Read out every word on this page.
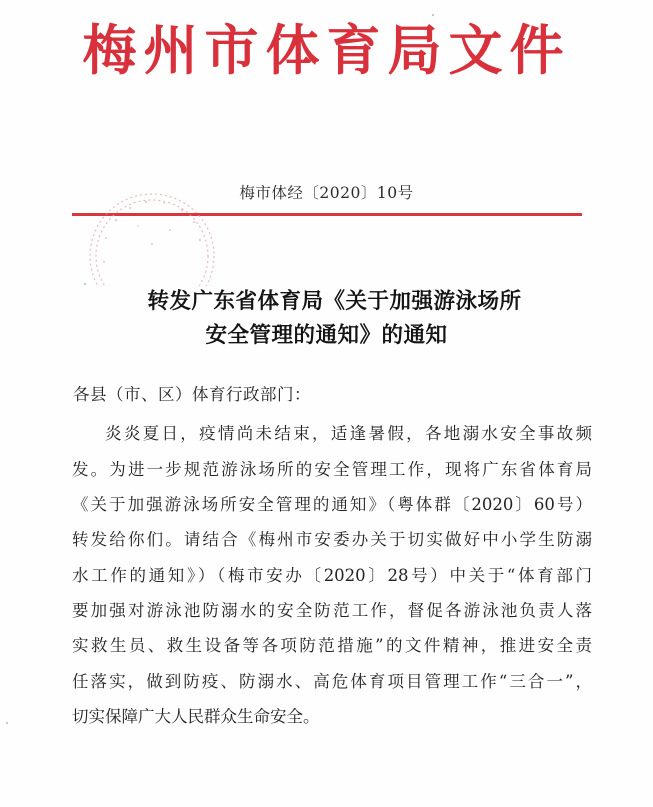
梅州市体育局文件
梅市体经〔2020〕10号
转发广东省体育局《关于加强游泳场所
安全管理的通知》的通知
各县（市、区）体育行政部门：
炎炎夏日，疫情尚未结束，适逢暑假，各地溺水安全事故频
发。为进一步规范游泳场所的安全管理工作，现将广东省体育局
《关于加强游泳场所安全管理的通知》（粤体群〔2020〕60号）
转发给你们。请结合《梅州市安委办关于切实做好中小学生防溺
水工作的通知》）（梅市安办〔2020〕28号）中关于“体育部门
要加强对游泳池防溺水的安全防范工作，督促各游泳池负责人落
实救生员、救生设备等各项防范措施”的文件精神，推进安全责
任落实，做到防疫、防溺水、高危体育项目管理工作“三合一”，
切实保障广大人民群众生命安全。
